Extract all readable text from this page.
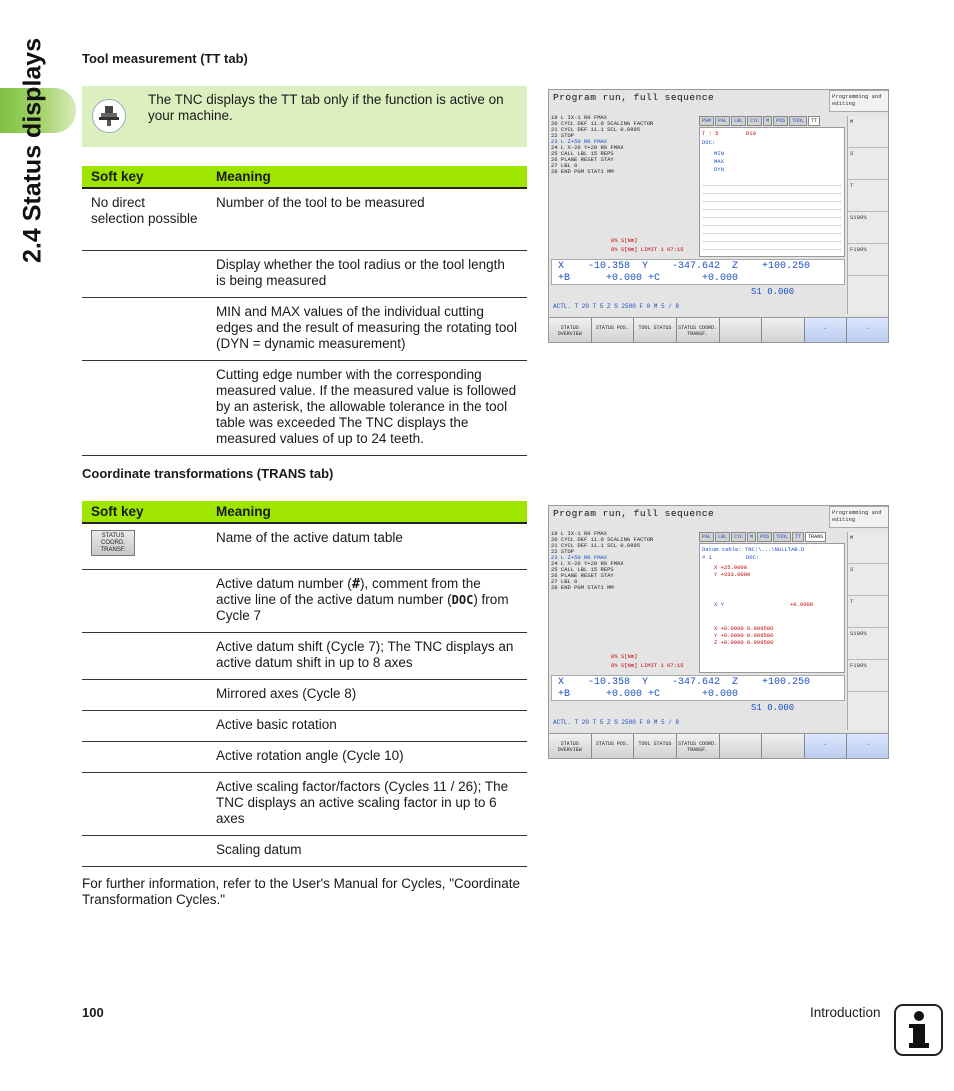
2.4 Status displays	Tool measurement (TT tab)
The TNC displays the TT tab only if the function is active on your machine.
Soft key	Meaning
No direct selection possible	Number of the tool to be measured
	Display whether the tool radius or the tool length is being measured
	MIN and MAX values of the individual cutting edges and the result of measuring the rotating tool (DYN = dynamic measurement)
	Cutting edge number with the corresponding measured value. If the measured value is followed by an asterisk, the allowable tolerance in the tool table was exceeded The TNC displays the measured values of up to 24 teeth.
Coordinate transformations (TRANS tab)
Soft key	Meaning
STATUS
COORD.
TRANSF.	Name of the active datum table
	Active datum number (#), comment from the active line of the active datum number (DOC) from Cycle 7
	Active datum shift (Cycle 7); The TNC displays an active datum shift in up to 8 axes
	Mirrored axes (Cycle 8)
	Active basic rotation
	Active rotation angle (Cycle 10)
	Active scaling factor/factors (Cycles 11 / 26); The TNC displays an active scaling factor in up to 6 axes
	Scaling datum
For further information, refer to the User's Manual for Cycles, "Coordinate Transformation Cycles."
Program run, full sequence	Programming and editing
19 L IX-1 R0 FMAX
20 CYCL DEF 11.0 SCALING FACTOR
21 CYCL DEF 11.1 SCL 0.9995
22 STOP
23 L Z+50 R0 FMAX
24 L X-20 Y+20 R0 FMAX
25 CALL LBL 15 REPS
26 PLANE RESET STAY
27 LBL 0
28 END PGM STAT1 MM
PGM	PAL	LBL	CYC	M	POS	TOOL	TT
T : 5	D10
DOC:
MIN
MAX
DYN
0% S[Nm]
0% S[Nm] LIMIT 1 07:15
X    -10.358  Y    -347.642  Z    +100.250
+B      +0.000 +C       +0.000
S1 0.000
ACTL. T 20 T 5 Z S 2500 F 0 M 5 / 8
M
S
T
S100%
F100%
STATUS OVERVIEW
STATUS POS.	TOOL STATUS	STATUS COORD. TRANSF.
←	→
Program run, full sequence	Programming and editing
19 L IX-1 R0 FMAX
20 CYCL DEF 11.0 SCALING FACTOR
21 CYCL DEF 11.1 SCL 0.9995
22 STOP
23 L Z+50 R0 FMAX
24 L X-20 Y+20 R0 FMAX
25 CALL LBL 15 REPS
26 PLANE RESET STAY
27 LBL 0
28 END PGM STAT1 MM
PAL	LBL	CYC	M	POS	TOOL	TT	TRANS
Datum table: TNC:\...\NULLTAB.D
# 1	DOC:
X +25.0000
Y +333.0000
X Y	+0.0000
X +0.0000 0.999500
Y +0.0000 0.999500
Z +0.0000 0.999500
0% S[Nm]
0% S[Nm] LIMIT 1 07:15
X    -10.358  Y    -347.642  Z    +100.250
+B      +0.000 +C       +0.000
S1 0.000
ACTL. T 20 T 5 Z S 2500 F 0 M 5 / 8
M
S
T
S100%
F100%
STATUS OVERVIEW
STATUS POS.	TOOL STATUS	STATUS COORD. TRANSF.
←	→
100	Introduction
